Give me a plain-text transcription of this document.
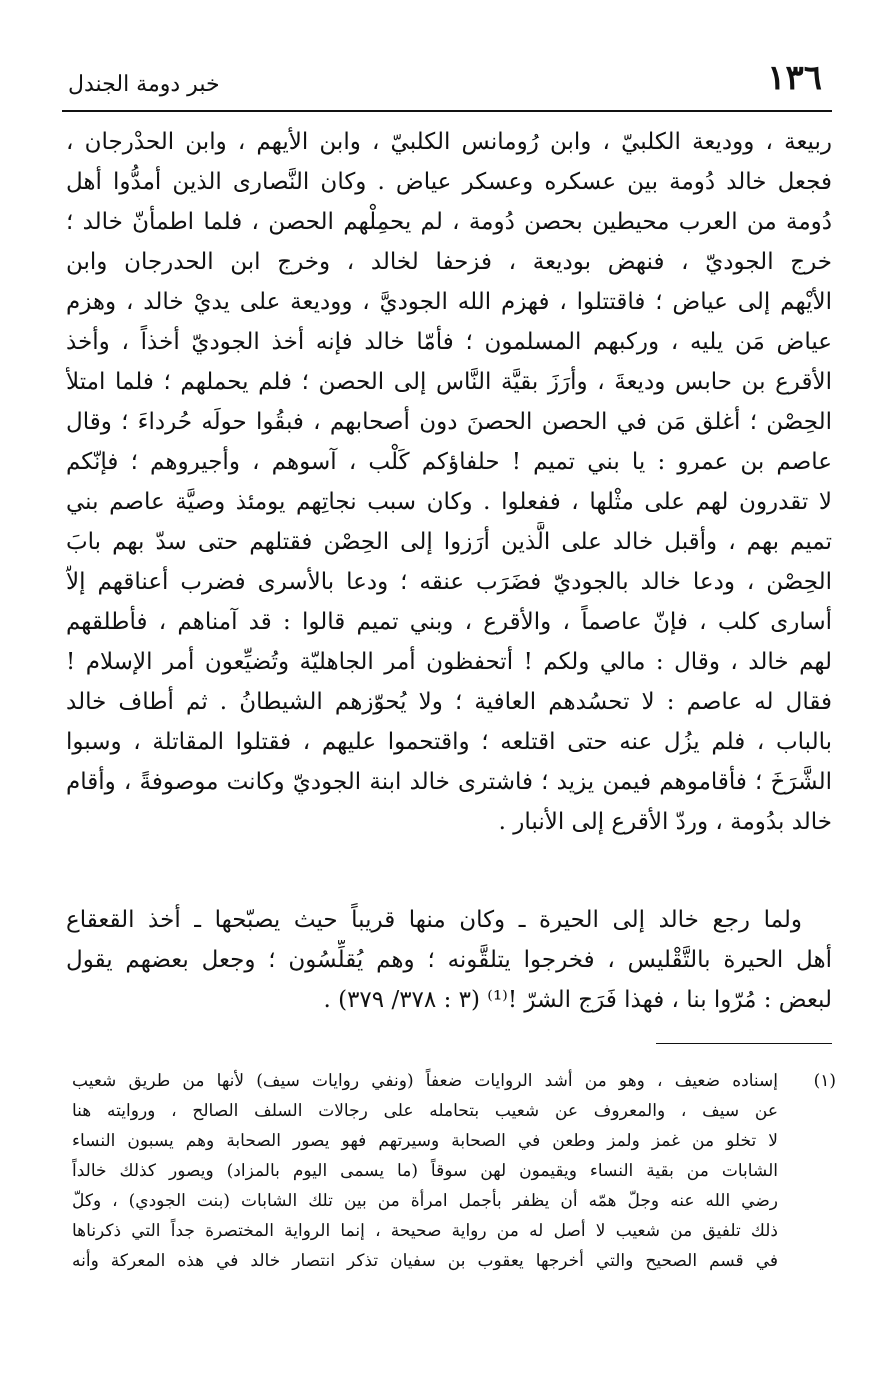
١٣٦
خبر دومة الجندل
ربيعة ، ووديعة الكلبيّ ، وابن رُومانس الكلبيّ ، وابن الأيهم ، وابن الحدْرجان ،
فجعل خالد دُومة بين عسكره وعسكر عياض . وكان النَّصارى الذين أمدُّوا أهل
دُومة من العرب محيطين بحصن دُومة ، لم يحمِلْهم الحصن ، فلما اطمأنّ خالد ؛
خرج الجوديّ ، فنهض بوديعة ، فزحفا لخالد ، وخرج ابن الحدرجان وابن
الأيْهم إلى عياض ؛ فاقتتلوا ، فهزم الله الجوديَّ ، ووديعة على يديْ خالد ، وهزم
عياض مَن يليه ، وركبهم المسلمون ؛ فأمّا خالد فإنه أخذ الجوديّ أخذاً ، وأخذ
الأقرع بن حابس وديعةَ ، وأرَزَ بقيَّة النَّاس إلى الحصن ؛ فلم يحملهم ؛ فلما امتلأ
الحِصْن ؛ أغلق مَن في الحصن الحصنَ دون أصحابهم ، فبقُوا حولَه حُرداءَ ؛ وقال
عاصم بن عمرو : يا بني تميم ! حلفاؤكم كَلْب ، آسوهم ، وأجيروهم ؛ فإنّكم
لا تقدرون لهم على مثْلها ، ففعلوا . وكان سبب نجاتِهم يومئذ وصيَّة عاصم بني
تميم بهم ، وأقبل خالد على الَّذين أرَزوا إلى الحِصْن فقتلهم حتى سدّ بهم بابَ
الحِصْن ، ودعا خالد بالجوديّ فضَرَب عنقه ؛ ودعا بالأسرى فضرب أعناقهم إلاّ
أسارى كلب ، فإنّ عاصماً ، والأقرع ، وبني تميم قالوا : قد آمناهم ، فأطلقهم
لهم خالد ، وقال : مالي ولكم ! أتحفظون أمر الجاهليّة وتُضيِّعون أمر الإسلام !
فقال له عاصم : لا تحسُدهم العافية ؛ ولا يُحوّزهم الشيطانُ . ثم أطاف خالد
بالباب ، فلم يزُل عنه حتى اقتلعه ؛ واقتحموا عليهم ، فقتلوا المقاتلة ، وسبوا
الشَّرَخَ ؛ فأقاموهم فيمن يزيد ؛ فاشترى خالد ابنة الجوديّ وكانت موصوفةً ، وأقام
خالد بدُومة ، وردّ الأقرع إلى الأنبار .
ولما رجع خالد إلى الحيرة ـ وكان منها قريباً حيث يصبّحها ـ أخذ القعقاع
أهل الحيرة بالتَّقْليس ، فخرجوا يتلقَّونه ؛ وهم يُقلِّسُون ؛ وجعل بعضهم يقول
لبعض : مُرّوا بنا ، فهذا فَرَج الشرّ !⁽¹⁾ (٣ : ٣٧٨/ ٣٧٩) .
(١)
إسناده ضعيف ، وهو من أشد الروايات ضعفاً (ونفي روايات سيف) لأنها من طريق شعيب
عن سيف ، والمعروف عن شعيب بتحامله على رجالات السلف الصالح ، وروايته هنا
لا تخلو من غمز ولمز وطعن في الصحابة وسيرتهم فهو يصور الصحابة وهم يسبون النساء
الشابات من بقية النساء ويقيمون لهن سوقاً (ما يسمى اليوم بالمزاد) ويصور كذلك خالداً
رضي الله عنه وجلّ همّه أن يظفر بأجمل امرأة من بين تلك الشابات (بنت الجودي) ، وكلّ
ذلك تلفيق من شعيب لا أصل له من رواية صحيحة ، إنما الرواية المختصرة جداً التي ذكرناها
في قسم الصحيح والتي أخرجها يعقوب بن سفيان تذكر انتصار خالد في هذه المعركة وأنه
